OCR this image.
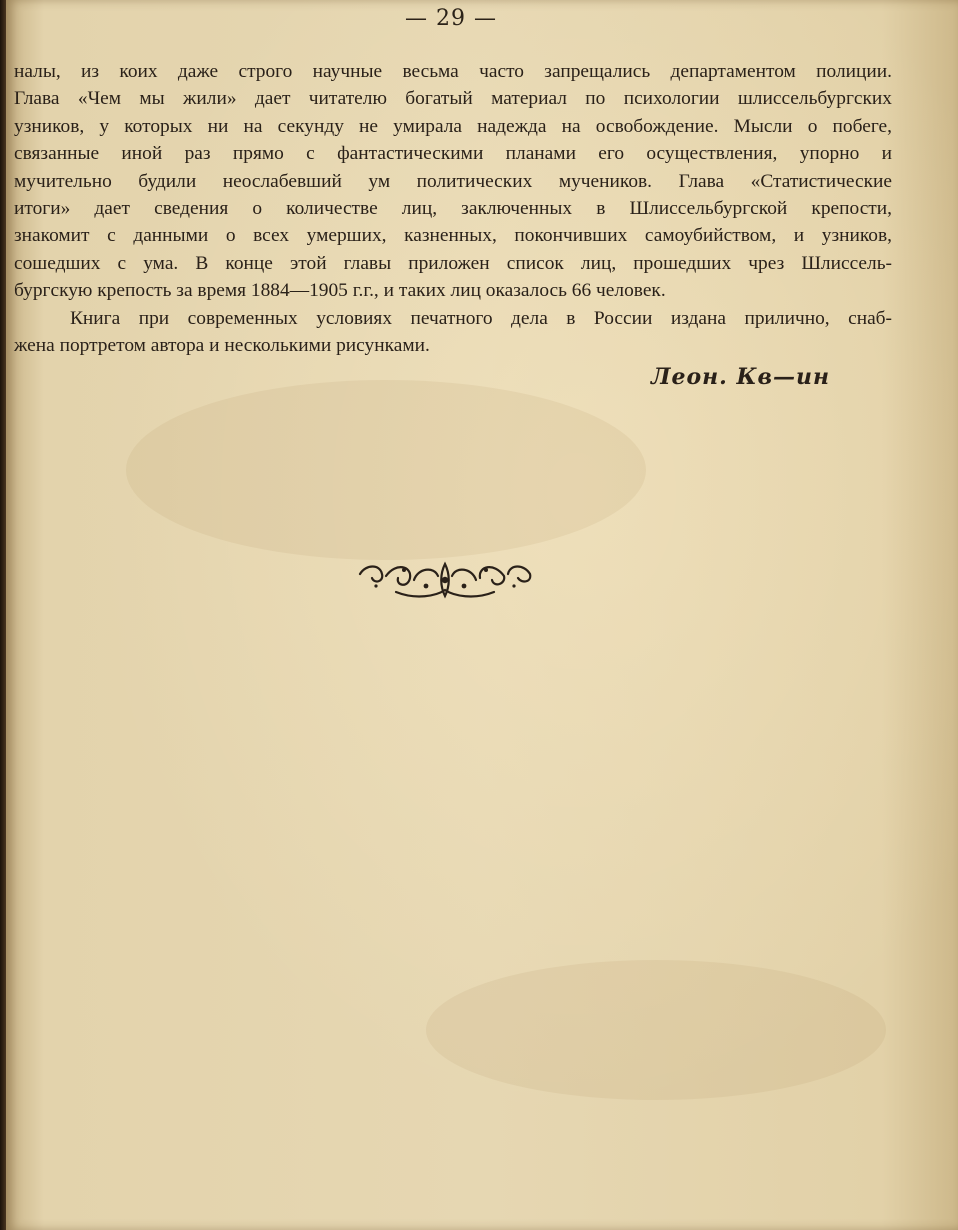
— 29 —

налы, из коих даже строго научные весьма часто запрещались департаментом полиции.

Глава «Чем мы жили» дает читателю богатый материал по психологии шлиссельбургских

узников, у которых ни на секунду не умирала надежда на освобождение. Мысли о побеге,

связанные иной раз прямо с фантастическими планами его осуществления, упорно и

мучительно будили неослабевший ум политических мучеников. Глава «Статистические

итоги» дает сведения о количестве лиц, заключенных в Шлиссельбургской крепости,

знакомит с данными о всех умерших, казненных, покончивших самоубийством, и узников,

сошедших с ума. В конце этой главы приложен список лиц, прошедших чрез Шлиссель-

бургскую крепость за время 1884—1905 г.г., и таких лиц оказалось 66 человек.

Книга при современных условиях печатного дела в России издана прилично, снаб-

жена портретом автора и несколькими рисунками.

Леон. Кв—ин
